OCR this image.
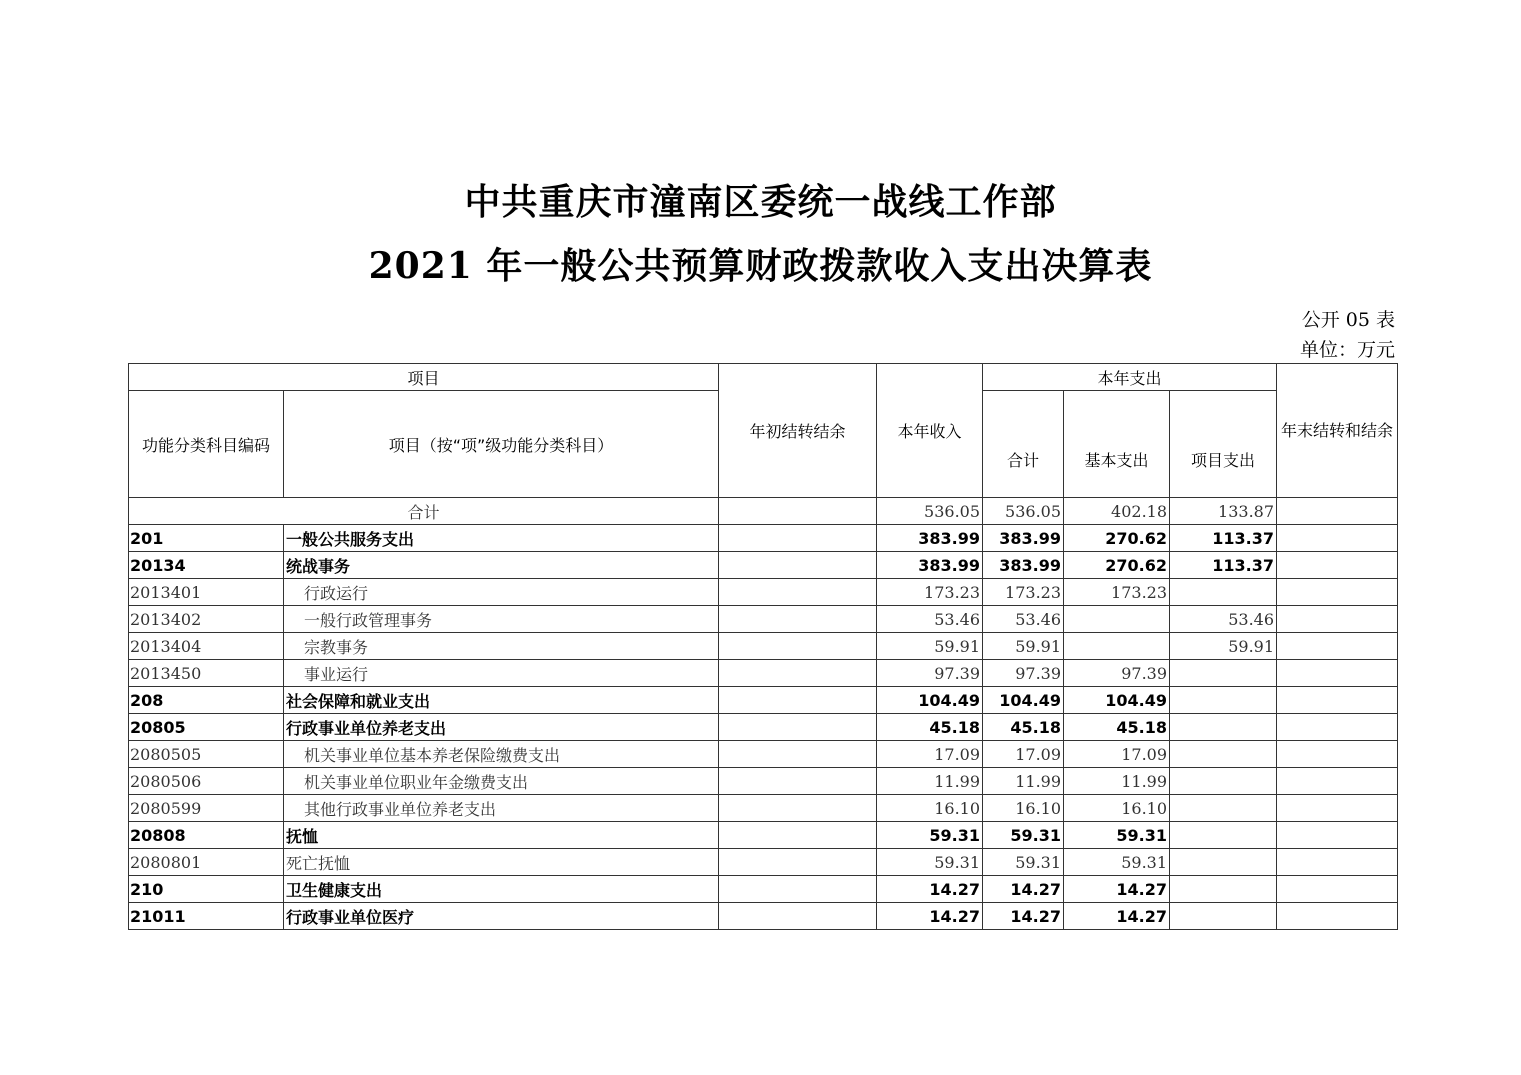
中共重庆市潼南区委统一战线工作部
2021 年一般公共预算财政拨款收入支出决算表
公开 05 表
单位：万元
项目		年初结转结余	本年收入	本年支出			年末结转和结余
功能分类科目编码	项目（按“项”级功能分类科目）			合计	基本支出	项目支出	
合计			536.05	536.05	402.18	133.87	
201	一般公共服务支出		383.99	383.99	270.62	113.37	
20134	统战事务		383.99	383.99	270.62	113.37	
2013401	行政运行		173.23	173.23	173.23		
2013402	一般行政管理事务		53.46	53.46		53.46	
2013404	宗教事务		59.91	59.91		59.91	
2013450	事业运行		97.39	97.39	97.39		
208	社会保障和就业支出		104.49	104.49	104.49		
20805	行政事业单位养老支出		45.18	45.18	45.18		
2080505	机关事业单位基本养老保险缴费支出		17.09	17.09	17.09		
2080506	机关事业单位职业年金缴费支出		11.99	11.99	11.99		
2080599	其他行政事业单位养老支出		16.10	16.10	16.10		
20808	抚恤		59.31	59.31	59.31		
2080801	死亡抚恤		59.31	59.31	59.31		
210	卫生健康支出		14.27	14.27	14.27		
21011	行政事业单位医疗		14.27	14.27	14.27		
